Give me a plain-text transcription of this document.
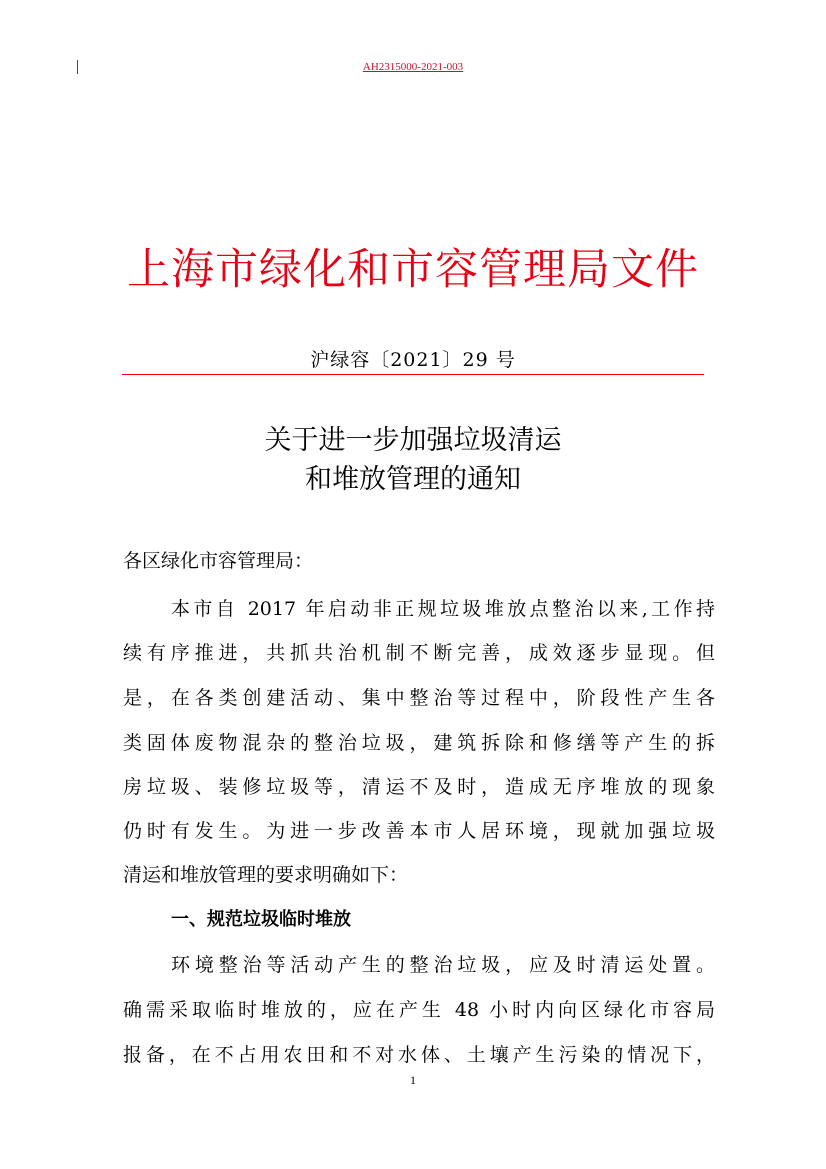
AH2315000-2021-003
上海市绿化和市容管理局文件
沪绿容〔2021〕29 号
关于进一步加强垃圾清运
和堆放管理的通知
各区绿化市容管理局：
本市自 2017 年启动非正规垃圾堆放点整治以来,工作持
续有序推进，共抓共治机制不断完善，成效逐步显现。但
是，在各类创建活动、集中整治等过程中，阶段性产生各
类固体废物混杂的整治垃圾，建筑拆除和修缮等产生的拆
房垃圾、装修垃圾等，清运不及时，造成无序堆放的现象
仍时有发生。为进一步改善本市人居环境，现就加强垃圾
清运和堆放管理的要求明确如下：
一、规范垃圾临时堆放
环境整治等活动产生的整治垃圾，应及时清运处置。
确需采取临时堆放的，应在产生 48 小时内向区绿化市容局
报备，在不占用农田和不对水体、土壤产生污染的情况下，
1
